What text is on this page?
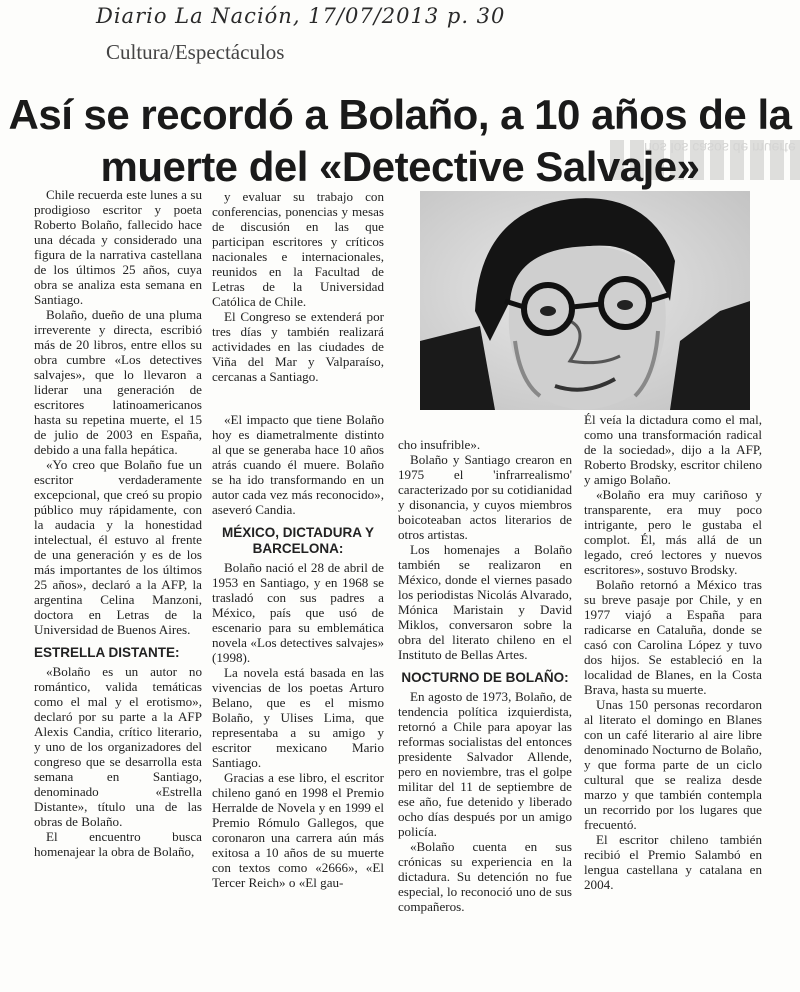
Diario La Nación, 17/07/2013 p. 30
Cultura/Espectáculos
nos los casos de muerte
Así se recordó a Bolaño, a 10 años de la
muerte del «Detective Salvaje»

Chile recuerda este lunes a su prodigioso escritor y poeta Roberto Bolaño, fallecido hace una década y considerado una figura de la narrativa castellana de los últimos 25 años, cuya obra se analiza esta semana en Santiago.

Bolaño, dueño de una pluma irreverente y directa, escribió más de 20 libros, entre ellos su obra cumbre «Los detectives salvajes», que lo llevaron a liderar una generación de escritores latinoamericanos hasta su repetina muerte, el 15 de julio de 2003 en España, debido a una falla hepática.

«Yo creo que Bolaño fue un escritor verdaderamente excepcional, que creó su propio público muy rápidamente, con la audacia y la honestidad intelectual, él estuvo al frente de una generación y es de los más importantes de los últimos 25 años», declaró a la AFP, la argentina Celina Manzoni, doctora en Letras de la Universidad de Buenos Aires.

ESTRELLA DISTANTE:

«Bolaño es un autor no romántico, valida temáticas como el mal y el erotismo», declaró por su parte a la AFP Alexis Candia, crítico literario, y uno de los organizadores del congreso que se desarrolla esta semana en Santiago, denominado «Estrella Distante», título una de las obras de Bolaño.

El encuentro busca homenajear la obra de Bolaño,

y evaluar su trabajo con conferencias, ponencias y mesas de discusión en las que participan escritores y críticos nacionales e internacionales, reunidos en la Facultad de Letras de la Universidad Católica de Chile.

El Congreso se extenderá por tres días y también realizará actividades en las ciudades de Viña del Mar y Valparaíso, cercanas a Santiago.

«El impacto que tiene Bolaño hoy es diametralmente distinto al que se generaba hace 10 años atrás cuando él muere. Bolaño se ha ido transformando en un autor cada vez más reconocido», aseveró Candia.

MÉXICO, DICTADURA Y BARCELONA:

Bolaño nació el 28 de abril de 1953 en Santiago, y en 1968 se trasladó con sus padres a México, país que usó de escenario para su emblemática novela «Los detectives salvajes» (1998).

La novela está basada en las vivencias de los poetas Arturo Belano, que es el mismo Bolaño, y Ulises Lima, que representaba a su amigo y escritor mexicano Mario Santiago.

Gracias a ese libro, el escritor chileno ganó en 1998 el Premio Herralde de Novela y en 1999 el Premio Rómulo Gallegos, que coronaron una carrera aún más exitosa a 10 años de su muerte con textos como «2666», «El Tercer Reich» o «El gau-

cho insufrible».

Bolaño y Santiago crearon en 1975 el 'infrarrealismo' caracterizado por su cotidianidad y disonancia, y cuyos miembros boicoteaban actos literarios de otros artistas.

Los homenajes a Bolaño también se realizaron en México, donde el viernes pasado los periodistas Nicolás Alvarado, Mónica Maristain y David Miklos, conversaron sobre la obra del literato chileno en el Instituto de Bellas Artes.

NOCTURNO DE BOLAÑO:

En agosto de 1973, Bolaño, de tendencia política izquierdista, retornó a Chile para apoyar las reformas socialistas del entonces presidente Salvador Allende, pero en noviembre, tras el golpe militar del 11 de septiembre de ese año, fue detenido y liberado ocho días después por un amigo policía.

«Bolaño cuenta en sus crónicas su experiencia en la dictadura. Su detención no fue especial, lo reconoció uno de sus compañeros.

Él veía la dictadura como el mal, como una transformación radical de la sociedad», dijo a la AFP, Roberto Brodsky, escritor chileno y amigo Bolaño.

«Bolaño era muy cariñoso y transparente, era muy poco intrigante, pero le gustaba el complot. Él, más allá de un legado, creó lectores y nuevos escritores», sostuvo Brodsky.

Bolaño retornó a México tras su breve pasaje por Chile, y en 1977 viajó a España para radicarse en Cataluña, donde se casó con Carolina López y tuvo dos hijos. Se estableció en la localidad de Blanes, en la Costa Brava, hasta su muerte.

Unas 150 personas recordaron al literato el domingo en Blanes con un café literario al aire libre denominado Nocturno de Bolaño, y que forma parte de un ciclo cultural que se realiza desde marzo y que también contempla un recorrido por los lugares que frecuentó.

El escritor chileno también recibió el Premio Salambó en lengua castellana y catalana en 2004.
